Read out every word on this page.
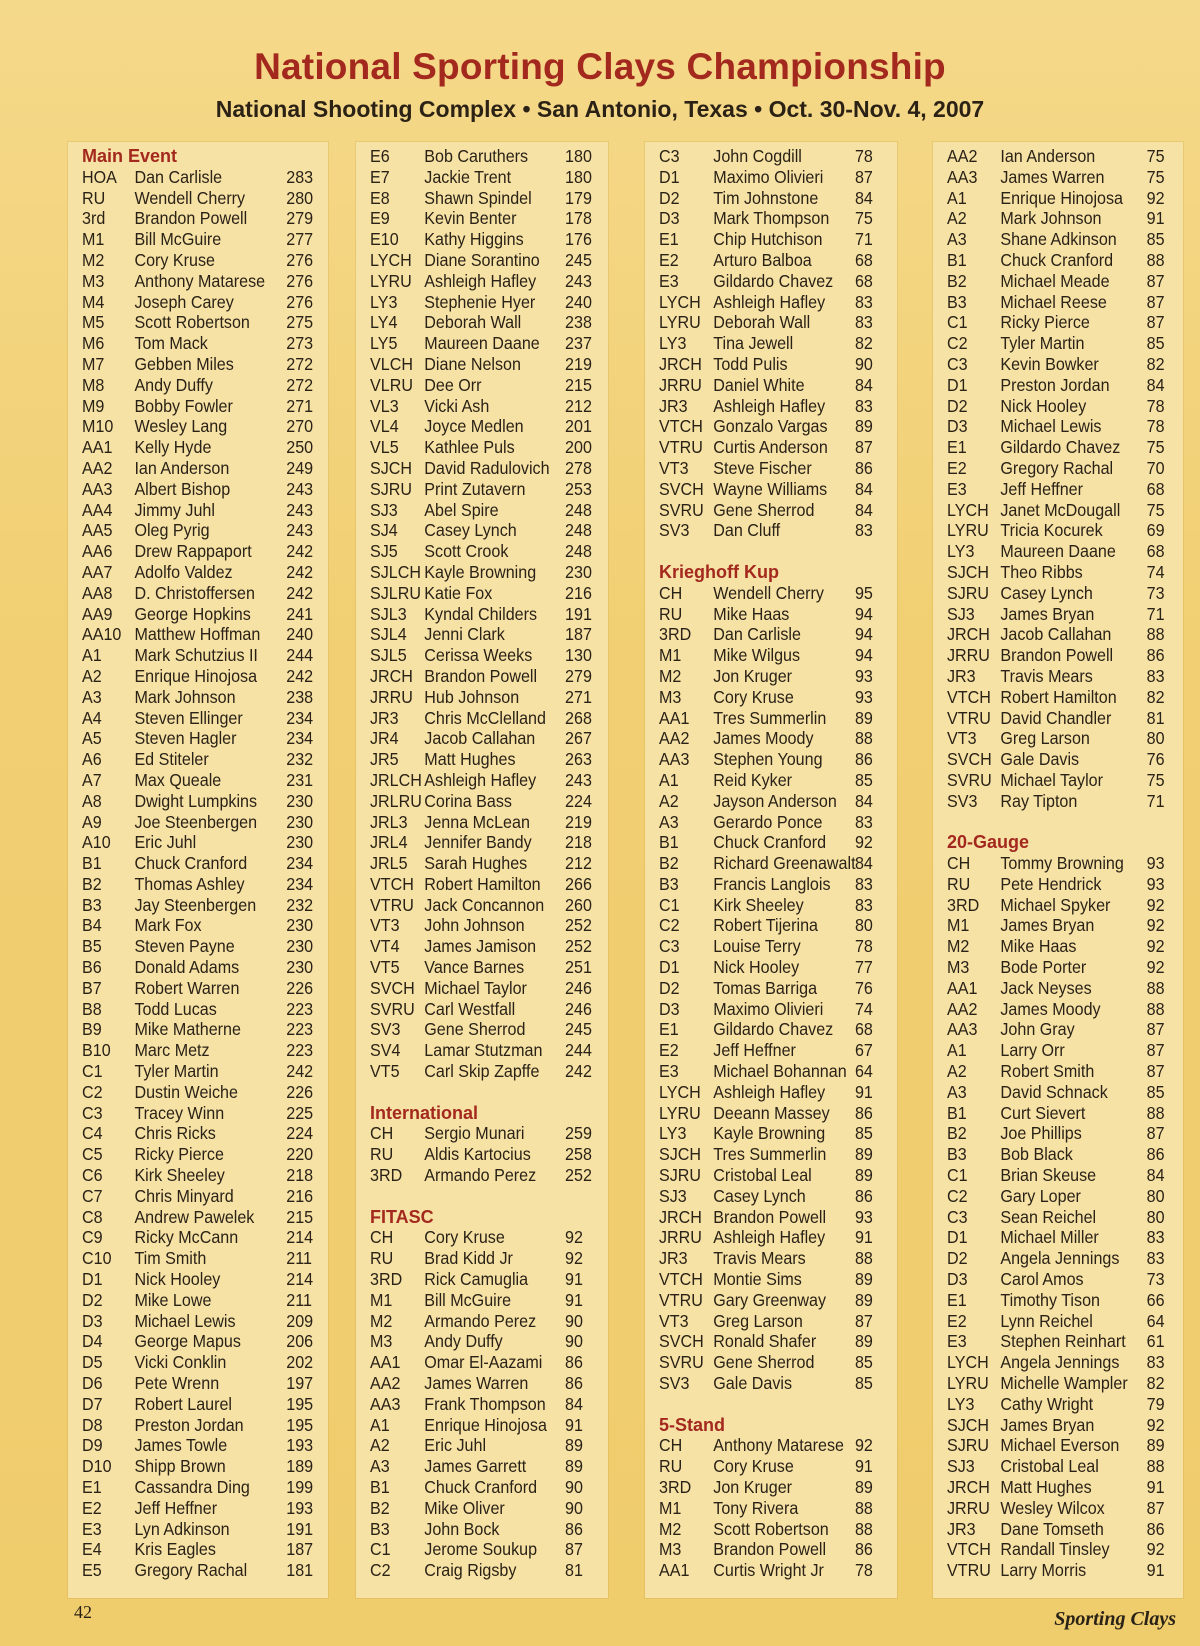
National Sporting Clays Championship
National Shooting Complex • San Antonio, Texas • Oct. 30-Nov. 4, 2007
Main Event
HOA Dan Carlisle	283
RU Wendell Cherry 280
3rd Brandon Powell 279
M1 Bill McGuire	277
M2 Cory Kruse	276
M3 Anthony Matarese 276
M4 Joseph Carey	276
M5 Scott Robertson 275
M6 Tom Mack	273
M7 Gebben Miles	272
M8 Andy Duffy	272
M9 Bobby Fowler	271
M10 Wesley Lang	270
AA1 Kelly Hyde	250
AA2 Ian Anderson	249
AA3 Albert Bishop	243
AA4 Jimmy Juhl	243
AA5 Oleg Pyrig	243
AA6 Drew Rappaport 242
AA7 Adolfo Valdez	242
AA8 D. Christoffersen 242
AA9 George Hopkins 241
AA10 Matthew Hoffman 240
A1 Mark Schutzius II 244
A2 Enrique Hinojosa 242
A3 Mark Johnson	238
A4 Steven Ellinger 234
A5 Steven Hagler	234
A6 Ed Stiteler	232
A7 Max Queale	231
A8 Dwight Lumpkins 230
A9 Joe Steenbergen 230
A10 Eric Juhl	230
B1 Chuck Cranford 234
B2 Thomas Ashley 234
B3 Jay Steenbergen 232
B4 Mark Fox	230
B5 Steven Payne	230
B6 Donald Adams	230
B7 Robert Warren	226
B8 Todd Lucas	223
B9 Mike Matherne	223
B10 Marc Metz	223
C1 Tyler Martin	242
C2 Dustin Weiche	226
C3 Tracey Winn	225
C4 Chris Ricks	224
C5 Ricky Pierce	220
C6 Kirk Sheeley	218
C7 Chris Minyard	216
C8 Andrew Pawelek 215
C9 Ricky McCann	214
C10 Tim Smith	211
D1 Nick Hooley	214
D2 Mike Lowe	211
D3 Michael Lewis	209
D4 George Mapus	206
D5 Vicki Conklin	202
D6 Pete Wrenn	197
D7 Robert Laurel	195
D8 Preston Jordan 195
D9 James Towle	193
D10 Shipp Brown	189
E1 Cassandra Ding 199
E2 Jeff Heffner	193
E3 Lyn Adkinson	191
E4 Kris Eagles	187
E5 Gregory Rachal 181
E6 Bob Caruthers 180
E7 Jackie Trent	180
E8 Shawn Spindel 179
E9 Kevin Benter	178
E10 Kathy Higgins 176
LYCH Diane Sorantino 245
LYRU Ashleigh Hafley 243
LY3 Stephenie Hyer 240
LY4 Deborah Wall	238
LY5 Maureen Daane 237
VLCH Diane Nelson	219
VLRU Dee Orr	215
VL3 Vicki Ash	212
VL4 Joyce Medlen 201
VL5 Kathlee Puls	200
SJCH David Radulovich 278
SJRU Print Zutavern 253
SJ3 Abel Spire	248
SJ4 Casey Lynch	248
SJ5 Scott Crook	248
SJLCH Kayle Browning 230
SJLRU Katie Fox	216
SJL3 Kyndal Childers 191
SJL4 Jenni Clark	187
SJL5 Cerissa Weeks 130
JRCH Brandon Powell 279
JRRU Hub Johnson	271
JR3 Chris McClelland 268
JR4 Jacob Callahan 267
JR5 Matt Hughes	263
JRLCH Ashleigh Hafley 243
JRLRU Corina Bass	224
JRL3 Jenna McLean 219
JRL4 Jennifer Bandy 218
JRL5 Sarah Hughes 212
VTCH Robert Hamilton 266
VTRU Jack Concannon 260
VT3 John Johnson 252
VT4 James Jamison 252
VT5 Vance Barnes 251
SVCH Michael Taylor 246
SVRU Carl Westfall	246
SV3 Gene Sherrod 245
SV4 Lamar Stutzman 244
VT5 Carl Skip Zapffe 242
International
CH Sergio Munari 259
RU Aldis Kartocius 258
3RD Armando Perez 252
FITASC
CH Cory Kruse	92
RU Brad Kidd Jr	92
3RD Rick Camuglia 91
M1 Bill McGuire	91
M2 Armando Perez 90
M3 Andy Duffy	90
AA1 Omar El-Aazami 86
AA2 James Warren 86
AA3 Frank Thompson 84
A1 Enrique Hinojosa 91
A2 Eric Juhl	89
A3 James Garrett 89
B1 Chuck Cranford 90
B2 Mike Oliver	90
B3 John Bock	86
C1 Jerome Soukup 87
C2 Craig Rigsby	81
C3 John Cogdill	78
D1 Maximo Olivieri 87
D2 Tim Johnstone 84
D3 Mark Thompson 75
E1 Chip Hutchison 71
E2 Arturo Balboa 68
E3 Gildardo Chavez 68
LYCH Ashleigh Hafley 83
LYRU Deborah Wall	83
LY3 Tina Jewell	82
JRCH Todd Pulis	90
JRRU Daniel White	84
JR3 Ashleigh Hafley 83
VTCH Gonzalo Vargas 89
VTRU Curtis Anderson 87
VT3 Steve Fischer 86
SVCH Wayne Williams 84
SVRU Gene Sherrod 84
SV3 Dan Cluff	83
Krieghoff Kup
CH Wendell Cherry 95
RU Mike Haas	94
3RD Dan Carlisle	94
M1 Mike Wilgus	94
M2 Jon Kruger	93
M3 Cory Kruse	93
AA1 Tres Summerlin 89
AA2 James Moody 88
AA3 Stephen Young 86
A1 Reid Kyker	85
A2 Jayson Anderson 84
A3 Gerardo Ponce 83
B1 Chuck Cranford 92
B2 Richard Greenawalt 84
B3 Francis Langlois 83
C1 Kirk Sheeley	83
C2 Robert Tijerina 80
C3 Louise Terry	78
D1 Nick Hooley	77
D2 Tomas Barriga 76
D3 Maximo Olivieri 74
E1 Gildardo Chavez 68
E2 Jeff Heffner	67
E3 Michael Bohannan 64
LYCH Ashleigh Hafley 91
LYRU Deeann Massey 86
LY3 Kayle Browning 85
SJCH Tres Summerlin 89
SJRU Cristobal Leal 89
SJ3 Casey Lynch	86
JRCH Brandon Powell 93
JRRU Ashleigh Hafley 91
JR3 Travis Mears	88
VTCH Montie Sims	89
VTRU Gary Greenway 89
VT3 Greg Larson	87
SVCH Ronald Shafer 89
SVRU Gene Sherrod 85
SV3 Gale Davis	85
5-Stand
CH Anthony Matarese 92
RU Cory Kruse	91
3RD Jon Kruger	89
M1 Tony Rivera	88
M2 Scott Robertson 88
M3 Brandon Powell 86
AA1 Curtis Wright Jr 78
AA2 Ian Anderson	75
AA3 James Warren 75
A1 Enrique Hinojosa 92
A2 Mark Johnson	91
A3 Shane Adkinson 85
B1 Chuck Cranford 88
B2 Michael Meade 87
B3 Michael Reese 87
C1 Ricky Pierce	87
C2 Tyler Martin	85
C3 Kevin Bowker	82
D1 Preston Jordan 84
D2 Nick Hooley	78
D3 Michael Lewis	78
E1 Gildardo Chavez 75
E2 Gregory Rachal 70
E3 Jeff Heffner	68
LYCH Janet McDougall 75
LYRU Tricia Kocurek	69
LY3 Maureen Daane 68
SJCH Theo Ribbs	74
SJRU Casey Lynch	73
SJ3 James Bryan	71
JRCH Jacob Callahan 88
JRRU Brandon Powell 86
JR3 Travis Mears	83
VTCH Robert Hamilton 82
VTRU David Chandler 81
VT3 Greg Larson	80
SVCH Gale Davis	76
SVRU Michael Taylor 75
SV3 Ray Tipton	71
20-Gauge
CH Tommy Browning 93
RU Pete Hendrick	93
3RD Michael Spyker 92
M1 James Bryan	92
M2 Mike Haas	92
M3 Bode Porter	92
AA1 Jack Neyses	88
AA2 James Moody	88
AA3 John Gray	87
A1 Larry Orr	87
A2 Robert Smith	87
A3 David Schnack 85
B1 Curt Sievert	88
B2 Joe Phillips	87
B3 Bob Black	86
C1 Brian Skeuse	84
C2 Gary Loper	80
C3 Sean Reichel	80
D1 Michael Miller	83
D2 Angela Jennings 83
D3 Carol Amos	73
E1 Timothy Tison	66
E2 Lynn Reichel	64
E3 Stephen Reinhart 61
LYCH Angela Jennings 83
LYRU Michelle Wampler 82
LY3 Cathy Wright	79
SJCH James Bryan	92
SJRU Michael Everson 89
SJ3 Cristobal Leal	88
JRCH Matt Hughes	91
JRRU Wesley Wilcox 87
JR3 Dane Tomseth 86
VTCH Randall Tinsley 92
VTRU Larry Morris	91
42	Sporting Clays
